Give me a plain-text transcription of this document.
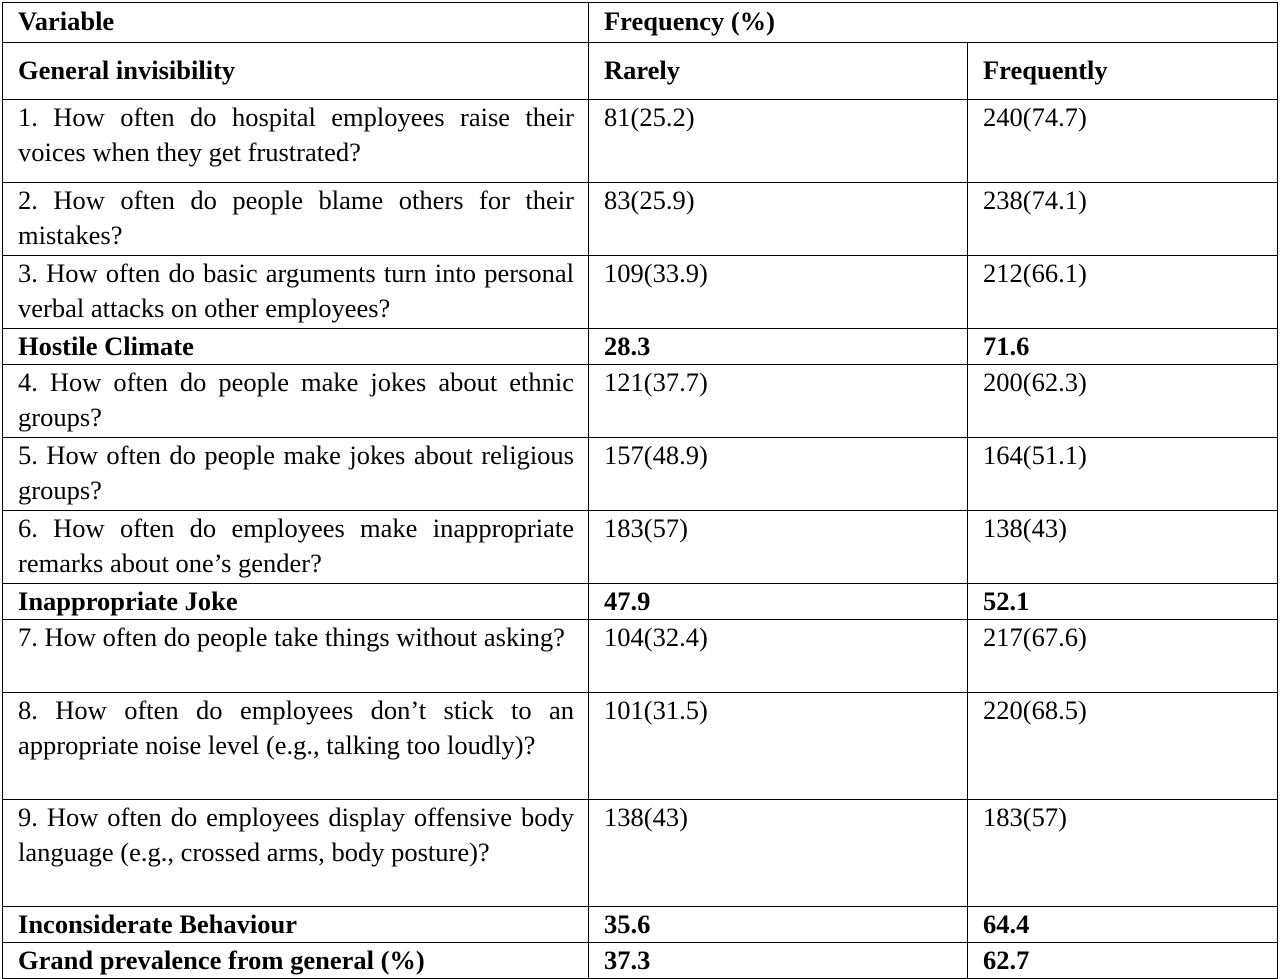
Variable	Frequency (%)	
General invisibility	Rarely	Frequently
1. How often do hospital employees raise their voices when they get frustrated?	81(25.2)	240(74.7)
2. How often do people blame others for their mistakes?	83(25.9)	238(74.1)
3. How often do basic arguments turn into personal verbal attacks on other employees?	109(33.9)	212(66.1)
Hostile Climate	28.3	71.6
4. How often do people make jokes about ethnic groups?	121(37.7)	200(62.3)
5. How often do people make jokes about religious groups?	157(48.9)	164(51.1)
6. How often do employees make inappropriate remarks about one’s gender?	183(57)	138(43)
Inappropriate Joke	47.9	52.1
7. How often do people take things without asking?	104(32.4)	217(67.6)
8. How often do employees don’t stick to an appropriate noise level (e.g., talking too loudly)?	101(31.5)	220(68.5)
9. How often do employees display offensive body language (e.g., crossed arms, body posture)?	138(43)	183(57)
Inconsiderate Behaviour	35.6	64.4
Grand prevalence from general (%)	37.3	62.7
